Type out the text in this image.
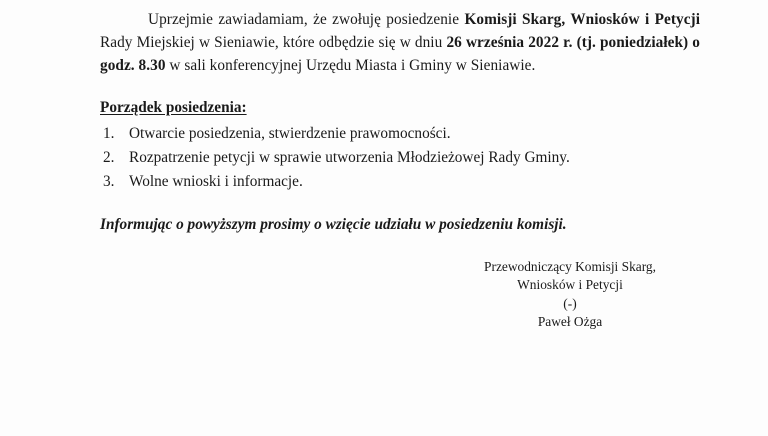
Uprzejmie zawiadamiam, że zwołuję posiedzenie Komisji Skarg, Wniosków i Petycji Rady Miejskiej w Sieniawie, które odbędzie się w dniu 26 września 2022 r. (tj. poniedziałek) o godz. 8.30 w sali konferencyjnej Urzędu Miasta i Gminy w Sieniawie.

Porządek posiedzenia:

1. Otwarcie posiedzenia, stwierdzenie prawomocności.
2. Rozpatrzenie petycji w sprawie utworzenia Młodzieżowej Rady Gminy.
3. Wolne wnioski i informacje.

Informując o powyższym prosimy o wzięcie udziału w posiedzeniu komisji.

Przewodniczący Komisji Skarg,
Wniosków i Petycji
(-)
Paweł Ożga
